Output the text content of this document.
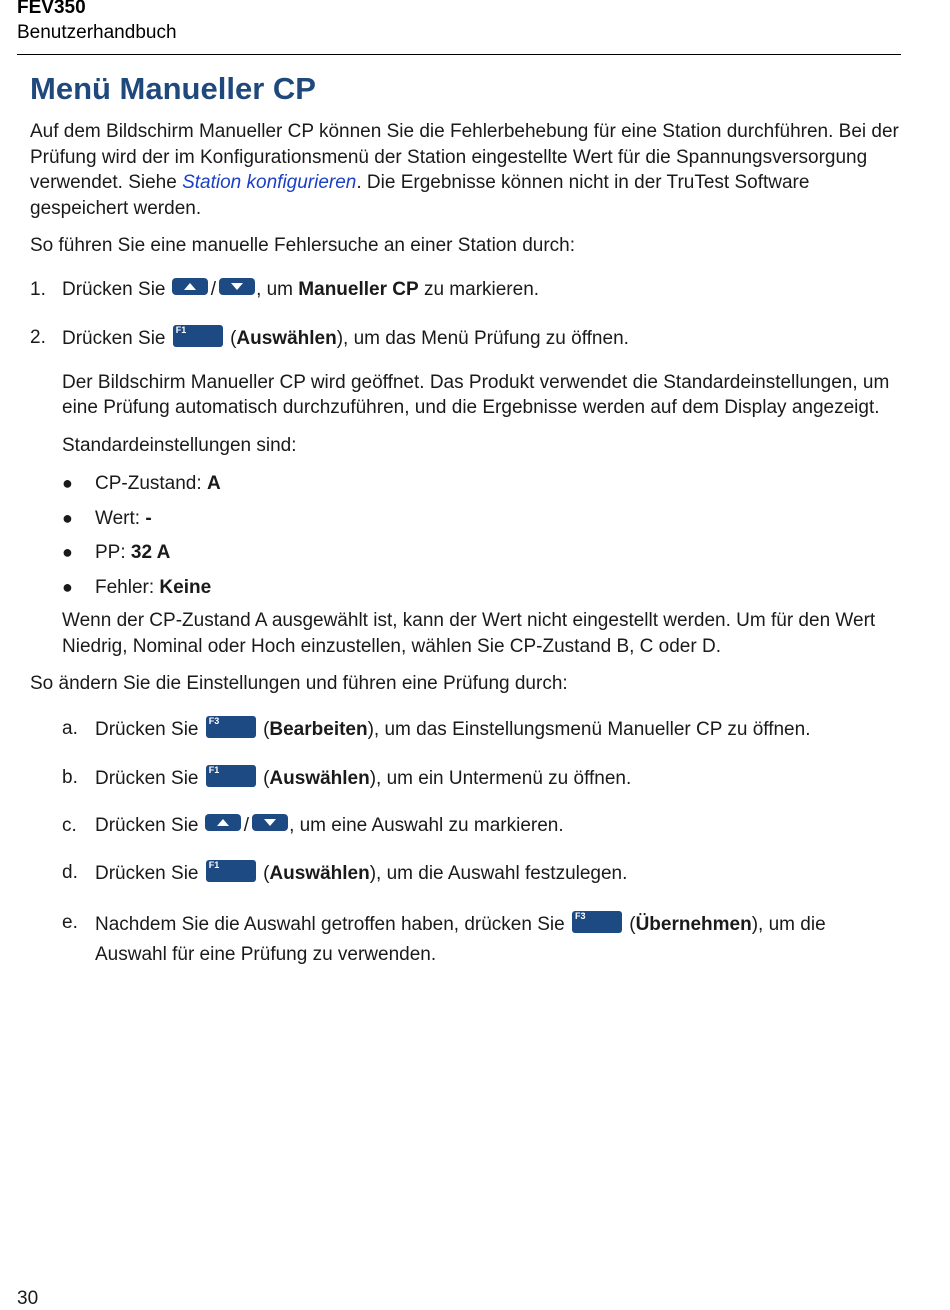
FEV350
Benutzerhandbuch
Menü Manueller CP

Auf dem Bildschirm Manueller CP können Sie die Fehlerbehebung für eine Station durchführen. Bei der Prüfung wird der im Konfigurationsmenü der Station eingestellte Wert für die Spannungsversorgung verwendet. Siehe Station konfigurieren. Die Ergebnisse können nicht in der TruTest Software gespeichert werden.

So führen Sie eine manuelle Fehlersuche an einer Station durch:

1. Drücken Sie / , um Manueller CP zu markieren.
2. Drücken Sie F1 (Auswählen), um das Menü Prüfung zu öffnen.

Der Bildschirm Manueller CP wird geöffnet. Das Produkt verwendet die Standardeinstellungen, um eine Prüfung automatisch durchzuführen, und die Ergebnisse werden auf dem Display angezeigt.

Standardeinstellungen sind:

●	CP-Zustand: A
●	Wert: -
●	PP: 32 A
●	Fehler: Keine

Wenn der CP-Zustand A ausgewählt ist, kann der Wert nicht eingestellt werden. Um für den Wert Niedrig, Nominal oder Hoch einzustellen, wählen Sie CP-Zustand B, C oder D.

So ändern Sie die Einstellungen und führen eine Prüfung durch:

a. Drücken Sie F3 (Bearbeiten), um das Einstellungsmenü Manueller CP zu öffnen.
b. Drücken Sie F1 (Auswählen), um ein Untermenü zu öffnen.
c. Drücken Sie / , um eine Auswahl zu markieren.
d. Drücken Sie F1 (Auswählen), um die Auswahl festzulegen.
e. Nachdem Sie die Auswahl getroffen haben, drücken Sie F3 (Übernehmen), um die
Auswahl für eine Prüfung zu verwenden.
30
